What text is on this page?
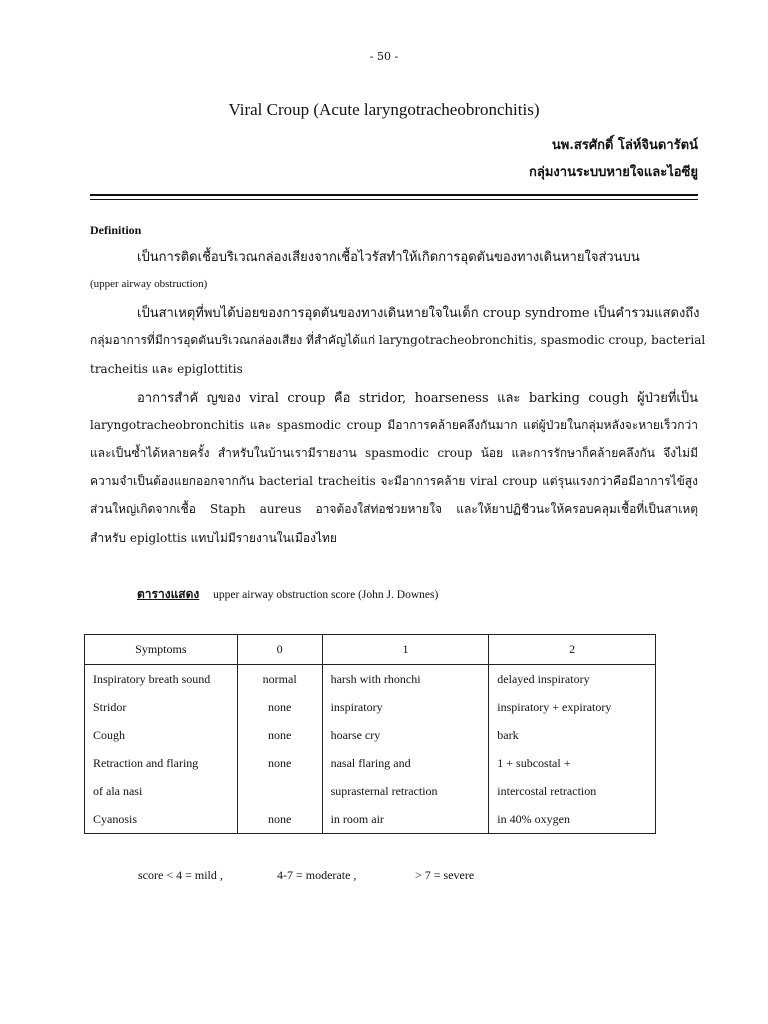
- 50 -
Viral Croup (Acute laryngotracheobronchitis)
นพ.สรศักดิ์ โล่ห์จินดารัตน์
กลุ่มงานระบบหายใจและไอซียู
Definition
เป็นการติดเชื้อบริเวณกล่องเสียงจากเชื้อไวรัสทำให้เกิดการอุดตันของทางเดินหายใจส่วนบน
(upper airway obstruction)
เป็นสาเหตุที่พบได้บ่อยของการอุดตันของทางเดินหายใจในเด็ก croup syndrome เป็นคำรวมแสดงถึง
กลุ่มอาการที่มีการอุดตันบริเวณกล่องเสียง ที่สำคัญได้แก่ laryngotracheobronchitis, spasmodic croup, bacterial
tracheitis และ epiglottitis
อาการสำคั ญของ viral croup คือ stridor, hoarseness และ barking cough ผู้ป่วยที่เป็น
laryngotracheobronchitis และ spasmodic croup มีอาการคล้ายคลึงกันมาก แต่ผู้ป่วยในกลุ่มหลังจะหายเร็วกว่า
และเป็นซ้ำได้หลายครั้ง สำหรับในบ้านเรามีรายงาน spasmodic croup น้อย และการรักษาก็คล้ายคลึงกัน จึงไม่มี
ความจำเป็นต้องแยกออกจากกัน bacterial tracheitis จะมีอาการคล้าย viral croup แต่รุนแรงกว่าคือมีอาการไข้สูง
ส่วนใหญ่เกิดจากเชื้อ Staph aureus อาจต้องใส่ท่อช่วยหายใจ และให้ยาปฏิชีวนะให้ครอบคลุมเชื้อที่เป็นสาเหตุ
สำหรับ epiglottis แทบไม่มีรายงานในเมืองไทย
ตารางแสดง upper airway obstruction score (John J. Downes)
Symptoms	0	1	2
Inspiratory breath sound	normal	harsh with rhonchi	delayed inspiratory
Stridor	none	inspiratory	inspiratory + expiratory
Cough	none	hoarse cry	bark
Retraction and flaring	none	nasal flaring and	1 + subcostal +
of ala nasi		suprasternal retraction	intercostal retraction
Cyanosis	none	in room air	in 40% oxygen
score < 4 = mild ,	4-7 = moderate ,	> 7 = severe
